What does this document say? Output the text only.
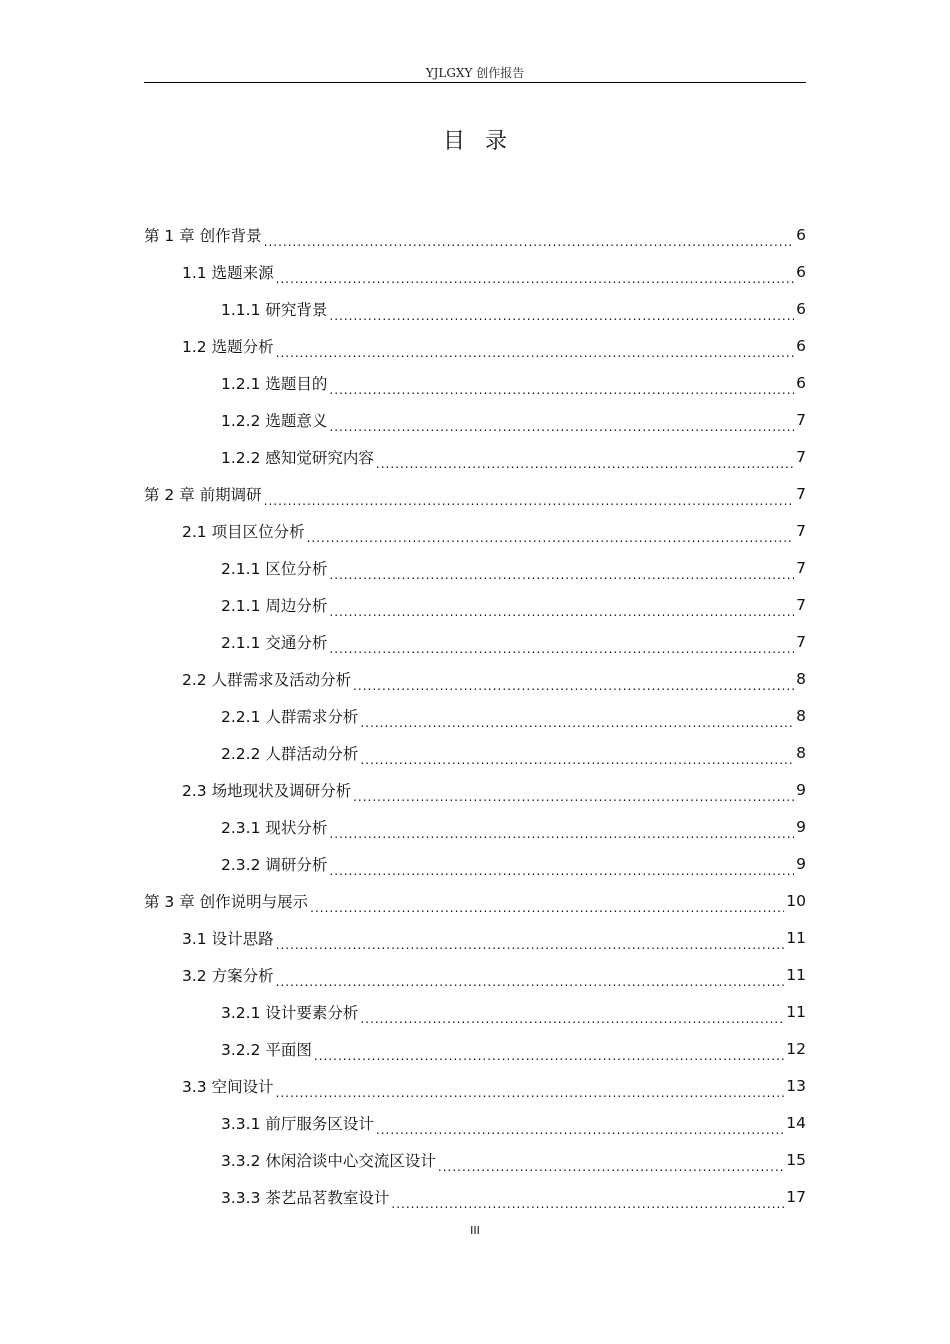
YJLGXY 创作报告
目录
第 1 章 创作背景 .....	6
1.1 选题来源 .....	6
1.1.1 研究背景 .....	6
1.2 选题分析 .....	6
1.2.1 选题目的 .....	6
1.2.2 选题意义 .....	7
1.2.2 感知觉研究内容 .....	7
第 2 章 前期调研 .....	7
2.1 项目区位分析 .....	7
2.1.1 区位分析 .....	7
2.1.1 周边分析 .....	7
2.1.1 交通分析 .....	7
2.2 人群需求及活动分析 .....	8
2.2.1 人群需求分析 .....	8
2.2.2 人群活动分析 .....	8
2.3 场地现状及调研分析 .....	9
2.3.1 现状分析 .....	9
2.3.2 调研分析 .....	9
第 3 章 创作说明与展示 .....	10
3.1 设计思路 .....	11
3.2 方案分析 .....	11
3.2.1 设计要素分析 .....	11
3.2.2 平面图 .....	12
3.3 空间设计 .....	13
3.3.1 前厅服务区设计 .....	14
3.3.2 休闲洽谈中心交流区设计 .....	15
3.3.3 茶艺品茗教室设计 .....	17
III
